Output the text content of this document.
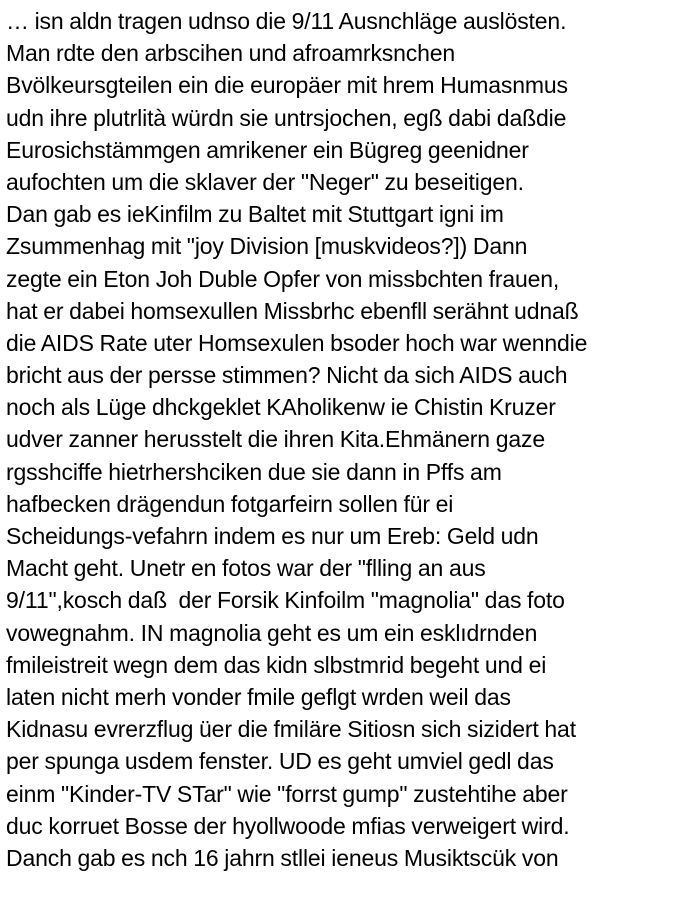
… isn aldn tragen udnso die 9/11 Ausnchläge auslösten.
Man rdte den arbscihen und afroamrksnchen
Bvölkeursgteilen ein die europäer mit hrem Humasnmus
udn ihre plutrlità würdn sie untrsjochen, egß dabi daßdie
Eurosichstämmgen amrikener ein Bügreg geenidner
aufochten um die sklaver der "Neger" zu beseitigen.
Dan gab es ieKinfilm zu Baltet mit Stuttgart igni im
Zsummenhag mit "joy Division [muskvideos?]) Dann
zegte ein Eton Joh Duble Opfer von missbchten frauen,
hat er dabei homsexullen Missbrhc ebenfll serähnt udnaß
die AIDS Rate uter Homsexulen bsoder hoch war wenndie
bricht aus der persse stimmen? Nicht da sich AIDS auch
noch als Lüge dhckgeklet KAholikenw ie Chistin Kruzer
udver zanner herusstelt die ihren Kita.Ehmänern gaze
rgsshciffe hietrhershciken due sie dann in Pffs am
hafbecken drägendun fotgarfeirn sollen für ei
Scheidungs-vefahrn indem es nur um Ereb: Geld udn
Macht geht. Unetr en fotos war der "flling an aus
9/11",kosch daß  der Forsik Kinfoilm "magnolia" das foto
vowegnahm. IN magnolia geht es um ein esklıdrnden
fmileistreit wegn dem das kidn slbstmrid begeht und ei
laten nicht merh vonder fmile geflgt wrden weil das
Kidnasu evrerzflug üer die fmiläre Sitiosn sich sizidert hat
per spunga usdem fenster. UD es geht umviel gedl das
einm "Kinder-TV STar" wie "forrst gump" zustehtihe aber
duc korruet Bosse der hyollwoode mfias verweigert wird.
Danch gab es nch 16 jahrn stllei ieneus Musiktscük von
